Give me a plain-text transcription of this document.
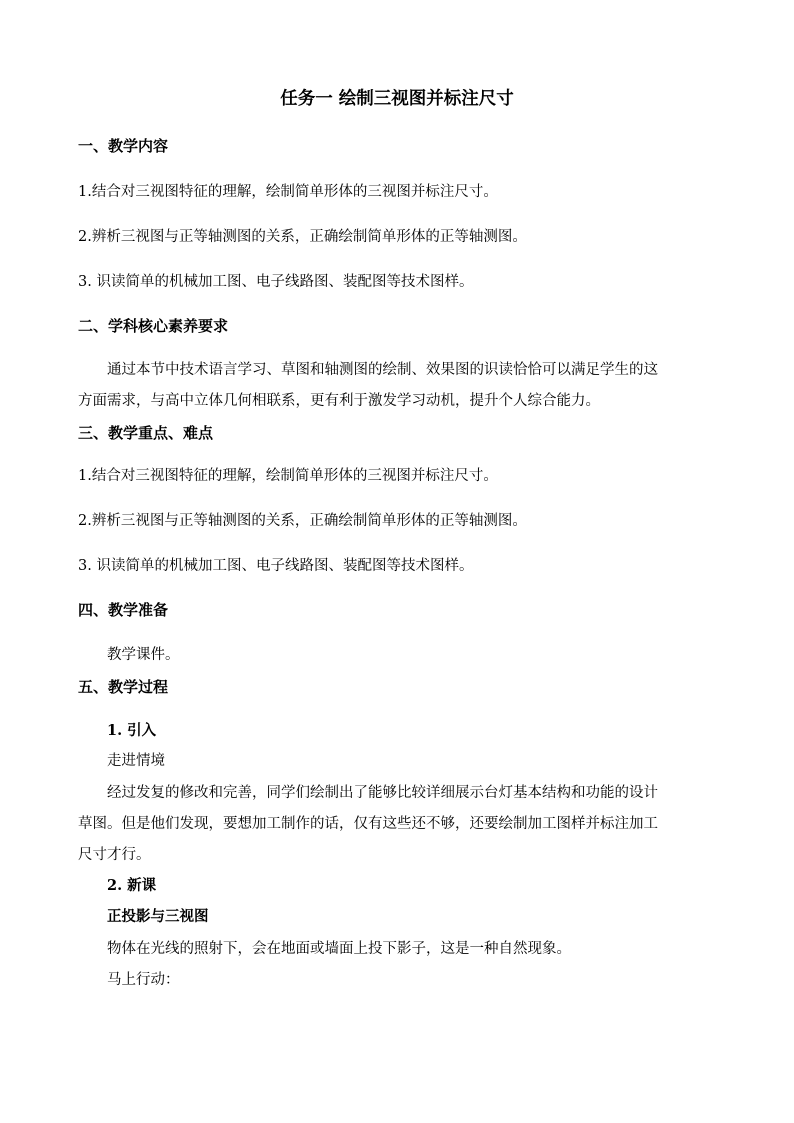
任务一 绘制三视图并标注尺寸
一、教学内容
1.结合对三视图特征的理解，绘制简单形体的三视图并标注尺寸。
2.辨析三视图与正等轴测图的关系，正确绘制简单形体的正等轴测图。
3. 识读简单的机械加工图、电子线路图、装配图等技术图样。
二、学科核心素养要求
通过本节中技术语言学习、草图和轴测图的绘制、效果图的识读恰恰可以满足学生的这
方面需求，与高中立体几何相联系，更有利于激发学习动机，提升个人综合能力。
三、教学重点、难点
1.结合对三视图特征的理解，绘制简单形体的三视图并标注尺寸。
2.辨析三视图与正等轴测图的关系，正确绘制简单形体的正等轴测图。
3. 识读简单的机械加工图、电子线路图、装配图等技术图样。
四、教学准备
教学课件。
五、教学过程
1. 引入
走进情境
经过发复的修改和完善，同学们绘制出了能够比较详细展示台灯基本结构和功能的设计
草图。但是他们发现，要想加工制作的话，仅有这些还不够，还要绘制加工图样并标注加工
尺寸才行。
2. 新课
正投影与三视图
物体在光线的照射下，会在地面或墙面上投下影子，这是一种自然现象。
马上行动：
